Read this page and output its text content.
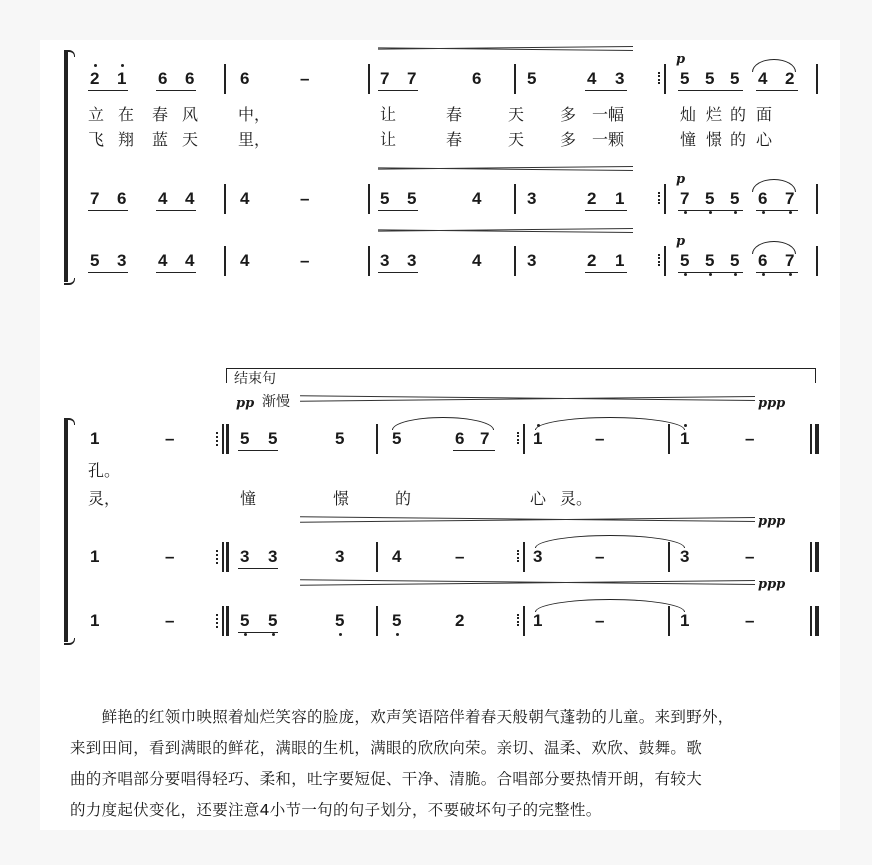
2 1 6 6	6	–	7 7	6	5	4 3	5 5 5 4 2
7 6 4 4	4	–	5 5	4	3	2 1	7 5 5 6 7
5 3 4 4	4	–	3 3	4	3	2 1	5 5 5 6 7
p
p
p
立 在 春 风 中，	让	春	天 多 一幅	灿 烂 的 面
飞 翔 蓝 天 里，	让	春	天 多 一颗	憧 憬 的 心
结束句
pp 渐慢	ppp
1	–	5 5	5	5	6 7	1	–	1	–
1	–	3 3	3	4	–	3	–	3	–
1	–	5 5	5	5	2	1	–	1	–
ppp
ppp
孔。
灵，	憧	憬	的	心 灵。
　　鲜艳的红领巾映照着灿烂笑容的脸庞，欢声笑语陪伴着春天般朝气蓬勃的儿童。来到野外，
来到田间，看到满眼的鲜花，满眼的生机，满眼的欣欣向荣。亲切、温柔、欢欣、鼓舞。歌
曲的齐唱部分要唱得轻巧、柔和，吐字要短促、干净、清脆。合唱部分要热情开朗，有较大
的力度起伏变化，还要注意4小节一句的句子划分，不要破坏句子的完整性。
